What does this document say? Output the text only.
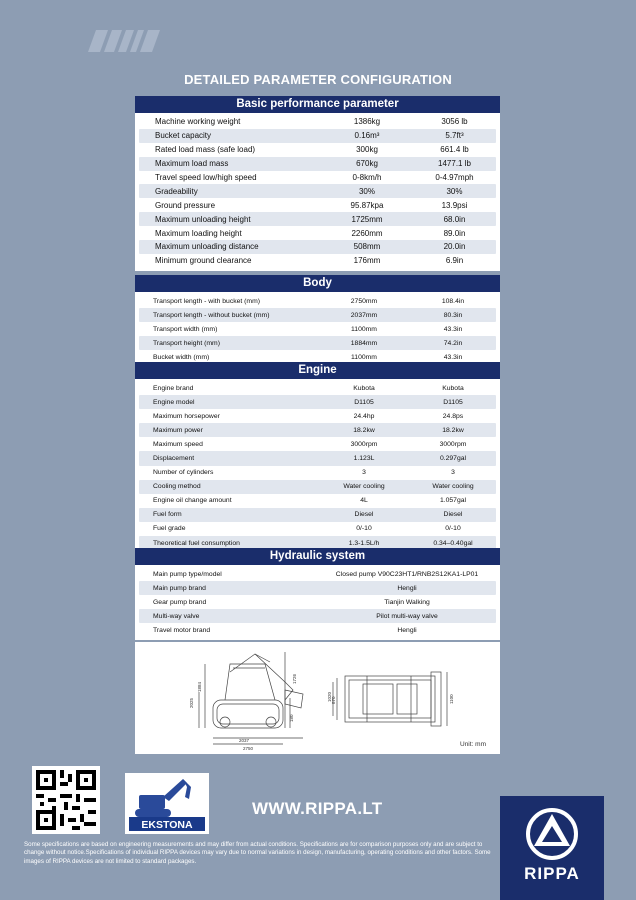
DETAILED PARAMETER CONFIGURATION
Basic performance parameter
Machine working weight	1386kg	3056 lb
Bucket capacity	0.16m³	5.7ft³
Rated load mass (safe load)	300kg	661.4 lb
Maximum load mass	670kg	1477.1 lb
Travel speed low/high speed	0-8km/h	0-4.97mph
Gradeability	30%	30%
Ground pressure	95.87kpa	13.9psi
Maximum unloading height	1725mm	68.0in
Maximum loading height	2260mm	89.0in
Maximum unloading distance	508mm	20.0in
Minimum ground clearance	176mm	6.9in
Body
Transport length - with bucket (mm)	2750mm	108.4in
Transport length - without bucket (mm)	2037mm	80.3in
Transport width (mm)	1100mm	43.3in
Transport height (mm)	1884mm	74.2in
Bucket width (mm)	1100mm	43.3in
Engine
Engine brand	Kubota	Kubota
Engine model	D1105	D1105
Maximum horsepower	24.4hp	24.8ps
Maximum power	18.2kw	18.2kw
Maximum speed	3000rpm	3000rpm
Displacement	1.123L	0.297gal
Number of cylinders	3	3
Cooling method	Water cooling	Water cooling
Engine oil change amount	4L	1.057gal
Fuel form	Diesel	Diesel
Fuel grade	0/-10	0/-10
Theoretical fuel consumption	1.3-1.5L/h	0.34–0.40gal
Hydraulic system
Main pump type/model	Closed pump V90C23HT1/RNB2S12KA1-LP01
Main pump brand	Hengli
Gear pump brand	Tianjin Walking
Multi-way valve	Pilot multi-way valve
Travel motor brand	Hengli
2025
1884
1726
180
2037
2750
1020 870	1100
Unit: mm
EKSTONA
WWW.RIPPA.LT
Some specifications are based on engineering measurements and may differ from actual conditions. Specifications are for comparison purposes only and are subject to change without notice.Specifications of individual RIPPA devices may vary due to normal variations in design, manufacturing, operating conditions and other factors. Some images of RIPPA devices are not limited to standard packages.
RIPPA
